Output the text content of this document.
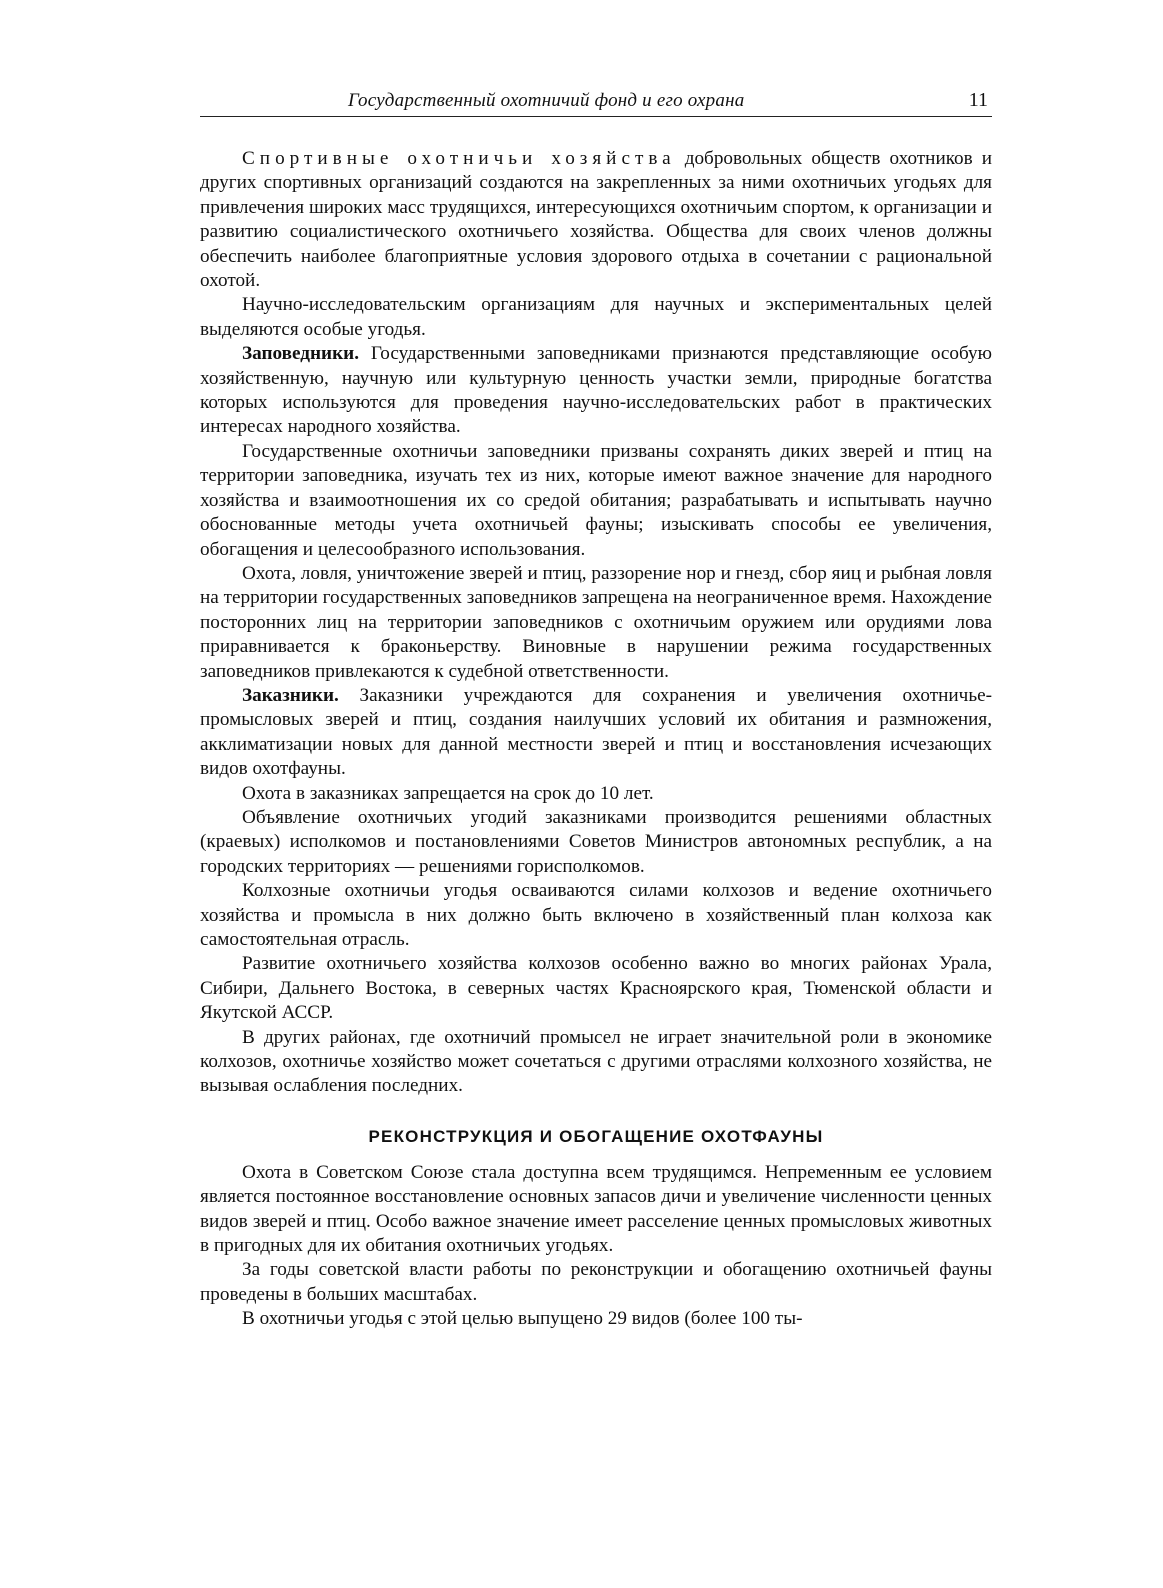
Государственный охотничий фонд и его охрана	11

Спортивные охотничьи хозяйства добровольных обществ охотников и других спортивных организаций создаются на закрепленных за ними охотничьих угодьях для привлечения широких масс трудящихся, интересующихся охотничьим спортом, к организации и развитию социалистического охотничьего хозяйства. Общества для своих членов должны обеспечить наиболее благоприятные условия здорового отдыха в сочетании с рациональной охотой.

Научно-исследовательским организациям для научных и экспериментальных целей выделяются особые угодья.

Заповедники. Государственными заповедниками признаются представляющие особую хозяйственную, научную или культурную ценность участки земли, природные богатства которых используются для проведения научно-исследовательских работ в практических интересах народного хозяйства.

Государственные охотничьи заповедники призваны сохранять диких зверей и птиц на территории заповедника, изучать тех из них, которые имеют важное значение для народного хозяйства и взаимоотношения их со средой обитания; разрабатывать и испытывать научно обоснованные методы учета охотничьей фауны; изыскивать способы ее увеличения, обогащения и целесообразного использования.

Охота, ловля, уничтожение зверей и птиц, раззорение нор и гнезд, сбор яиц и рыбная ловля на территории государственных заповедников запрещена на неограниченное время. Нахождение посторонних лиц на территории заповедников с охотничьим оружием или орудиями лова приравнивается к браконьерству. Виновные в нарушении режима государственных заповедников привлекаются к судебной ответственности.

Заказники. Заказники учреждаются для сохранения и увеличения охотничье-промысловых зверей и птиц, создания наилучших условий их обитания и размножения, акклиматизации новых для данной местности зверей и птиц и восстановления исчезающих видов охотфауны.

Охота в заказниках запрещается на срок до 10 лет.

Объявление охотничьих угодий заказниками производится решениями областных (краевых) исполкомов и постановлениями Советов Министров автономных республик, а на городских территориях — решениями горисполкомов.

Колхозные охотничьи угодья осваиваются силами колхозов и ведение охотничьего хозяйства и промысла в них должно быть включено в хозяйственный план колхоза как самостоятельная отрасль.

Развитие охотничьего хозяйства колхозов особенно важно во многих районах Урала, Сибири, Дальнего Востока, в северных частях Красноярского края, Тюменской области и Якутской АССР.

В других районах, где охотничий промысел не играет значительной роли в экономике колхозов, охотничье хозяйство может сочетаться с другими отраслями колхозного хозяйства, не вызывая ослабления последних.

РЕКОНСТРУКЦИЯ И ОБОГАЩЕНИЕ ОХОТФАУНЫ

Охота в Советском Союзе стала доступна всем трудящимся. Непременным ее условием является постоянное восстановление основных запасов дичи и увеличение численности ценных видов зверей и птиц. Особо важное значение имеет расселение ценных промысловых животных в пригодных для их обитания охотничьих угодьях.

За годы советской власти работы по реконструкции и обогащению охотничьей фауны проведены в больших масштабах.

В охотничьи угодья с этой целью выпущено 29 видов (более 100 ты-
